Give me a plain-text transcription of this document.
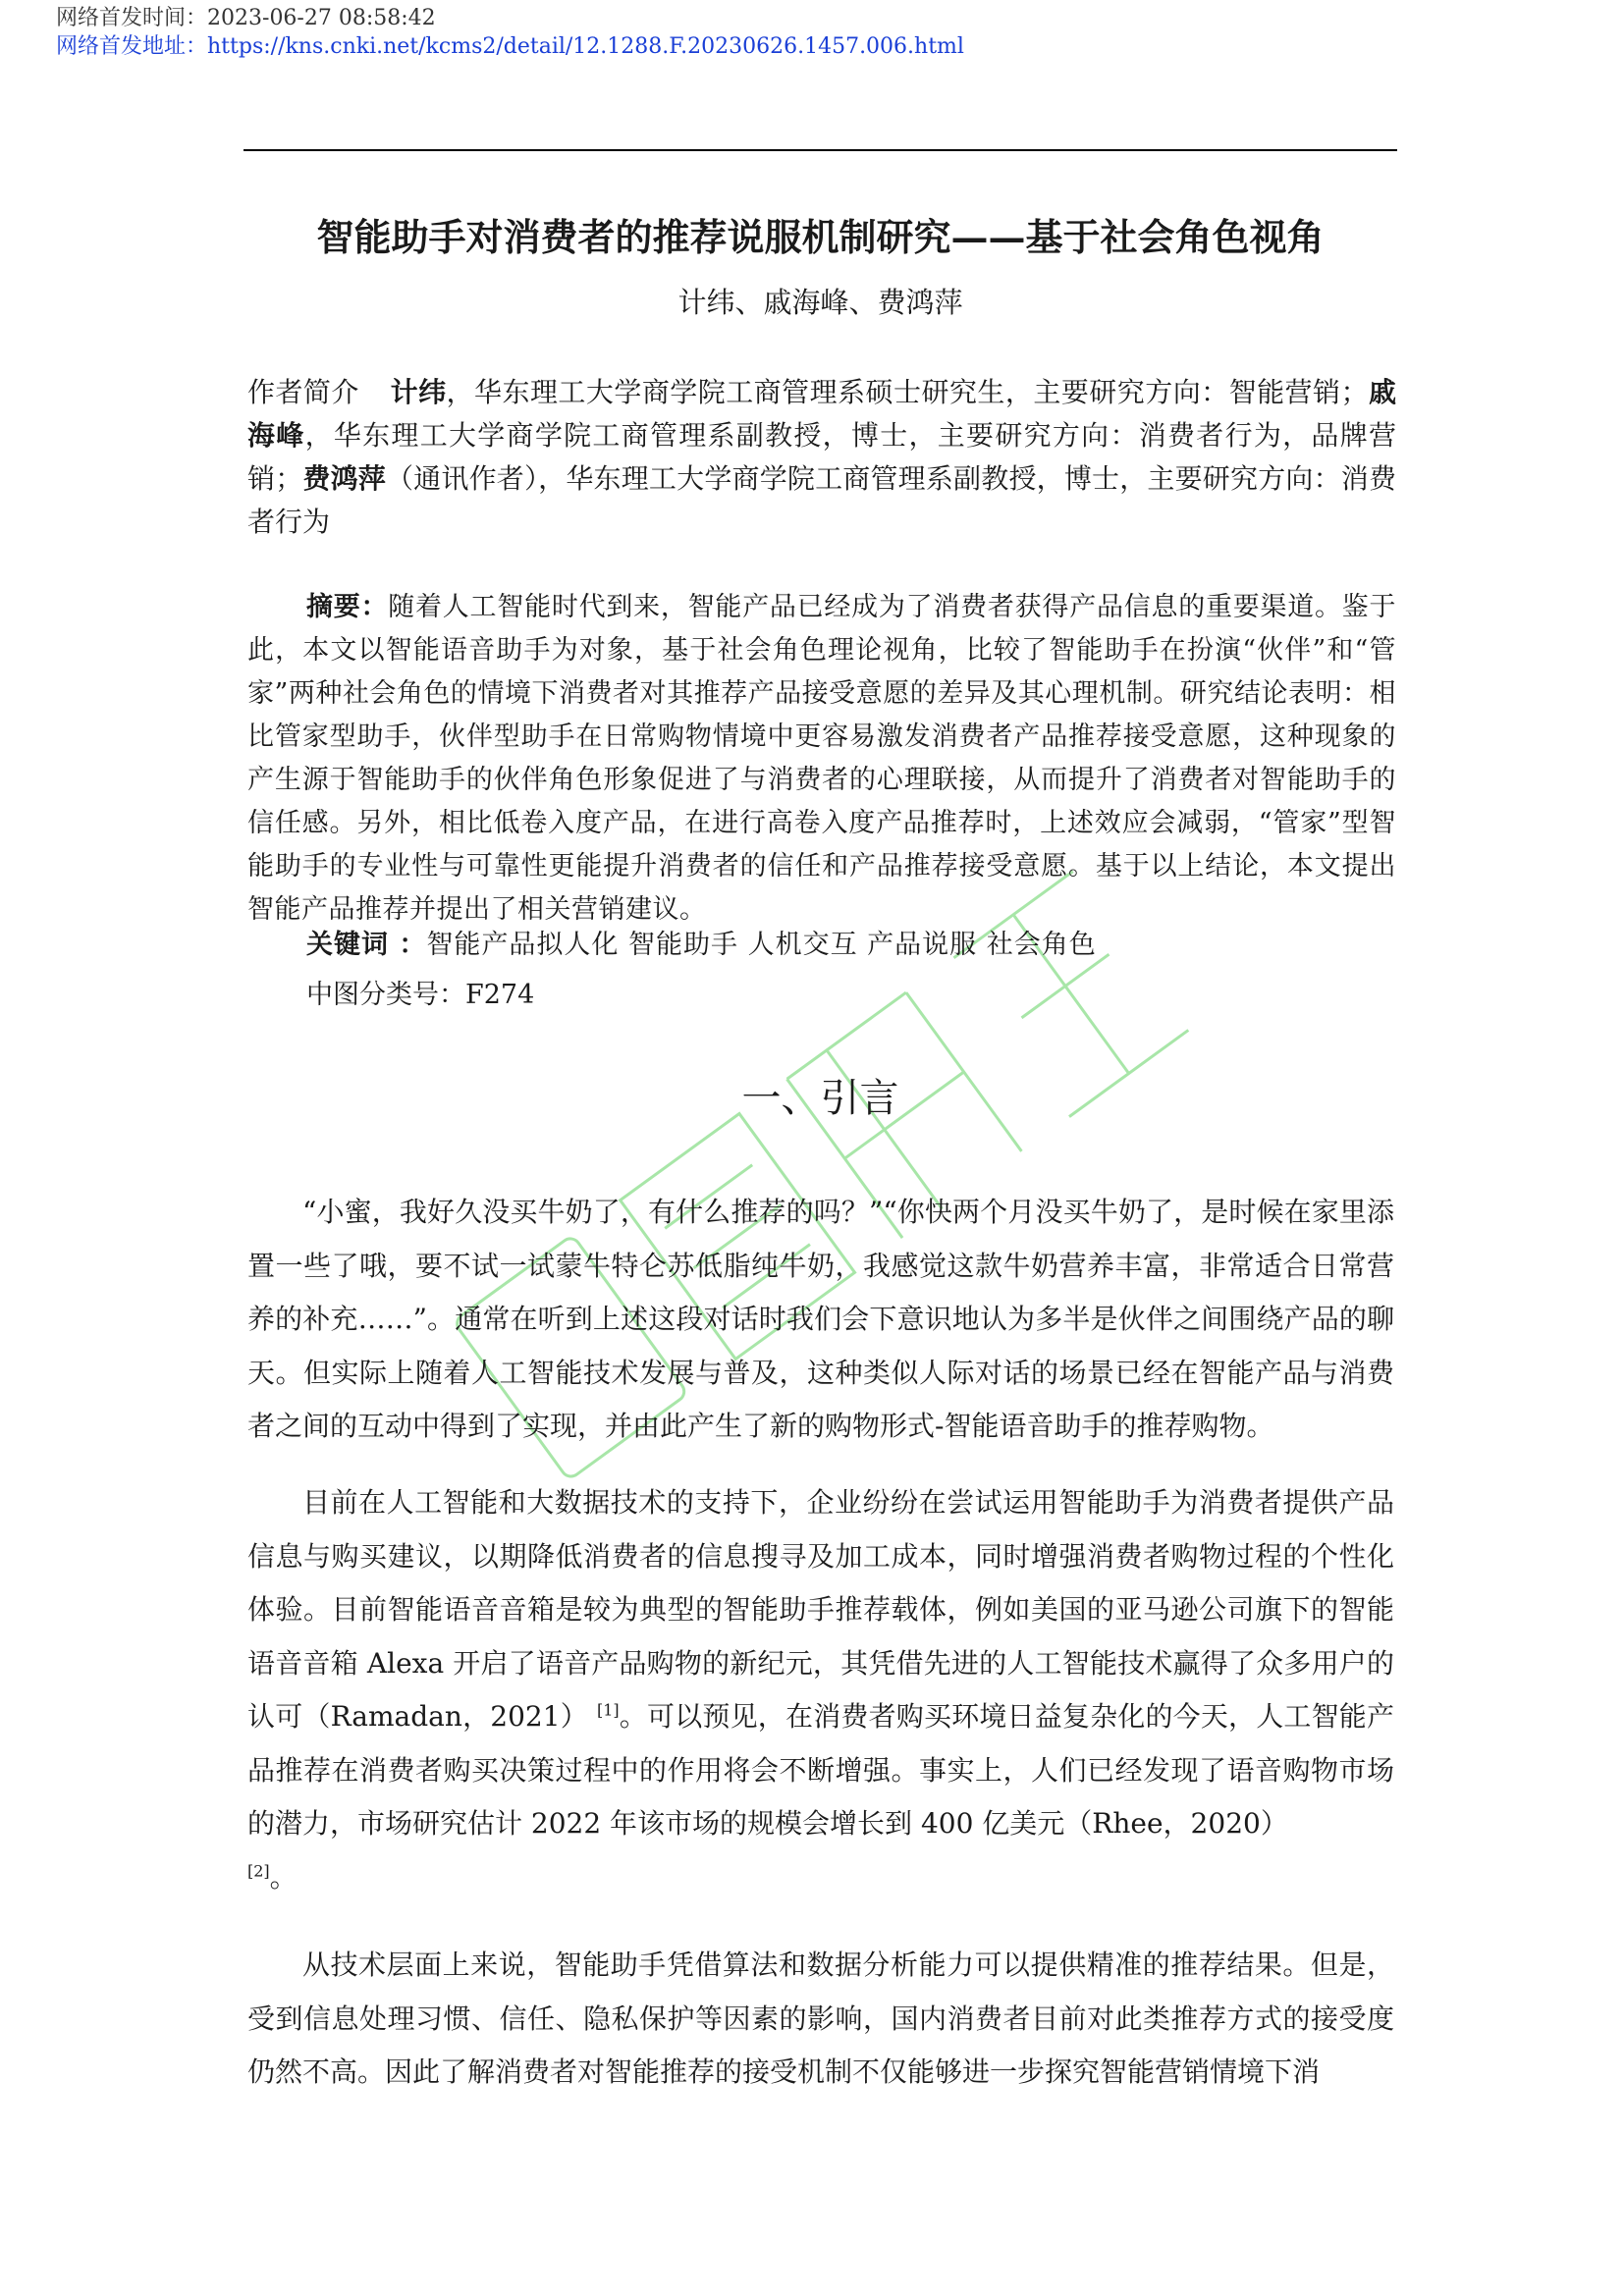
网络首发时间：2023-06-27 08:58:42
网络首发地址：https://kns.cnki.net/kcms2/detail/12.1288.F.20230626.1457.006.html
智能助手对消费者的推荐说服机制研究——基于社会角色视角
计纬、戚海峰、费鸿萍
作者简介　  计纬，华东理工大学商学院工商管理系硕士研究生，主要研究方向：智能营销；戚海峰，华东理工大学商学院工商管理系副教授，博士，主要研究方向：消费者行为，品牌营销；费鸿萍（通讯作者），华东理工大学商学院工商管理系副教授，博士，主要研究方向：消费者行为
摘要：随着人工智能时代到来，智能产品已经成为了消费者获得产品信息的重要渠道。鉴于此，本文以智能语音助手为对象，基于社会角色理论视角，比较了智能助手在扮演“伙伴”和“管家”两种社会角色的情境下消费者对其推荐产品接受意愿的差异及其心理机制。研究结论表明：相比管家型助手，伙伴型助手在日常购物情境中更容易激发消费者产品推荐接受意愿，这种现象的产生源于智能助手的伙伴角色形象促进了与消费者的心理联接，从而提升了消费者对智能助手的信任感。另外，相比低卷入度产品，在进行高卷入度产品推荐时，上述效应会减弱，“管家”型智能助手的专业性与可靠性更能提升消费者的信任和产品推荐接受意愿。基于以上结论，本文提出智能产品推荐并提出了相关营销建议。
关键词 ：智能产品拟人化 智能助手 人机交互 产品说服 社会角色
中图分类号：F274
一、引言

“小蜜，我好久没买牛奶了，有什么推荐的吗？”“你快两个月没买牛奶了，是时候在家里添置一些了哦，要不试一试蒙牛特仑苏低脂纯牛奶，我感觉这款牛奶营养丰富，非常适合日常营养的补充……”。通常在听到上述这段对话时我们会下意识地认为多半是伙伴之间围绕产品的聊天。但实际上随着人工智能技术发展与普及，这种类似人际对话的场景已经在智能产品与消费者之间的互动中得到了实现，并由此产生了新的购物形式-智能语音助手的推荐购物。

目前在人工智能和大数据技术的支持下，企业纷纷在尝试运用智能助手为消费者提供产品信息与购买建议，以期降低消费者的信息搜寻及加工成本，同时增强消费者购物过程的个性化体验。目前智能语音音箱是较为典型的智能助手推荐载体，例如美国的亚马逊公司旗下的智能语音音箱 Alexa 开启了语音产品购物的新纪元，其凭借先进的人工智能技术赢得了众多用户的认可（Ramadan，2021） [1]。可以预见，在消费者购买环境日益复杂化的今天，人工智能产品推荐在消费者购买决策过程中的作用将会不断增强。事实上，人们已经发现了语音购物市场的潜力，市场研究估计 2022 年该市场的规模会增长到 400 亿美元（Rhee，2020）
[2]。

从技术层面上来说，智能助手凭借算法和数据分析能力可以提供精准的推荐结果。但是，受到信息处理习惯、信任、隐私保护等因素的影响，国内消费者目前对此类推荐方式的接受度仍然不高。因此了解消费者对智能推荐的接受机制不仅能够进一步探究智能营销情境下消
